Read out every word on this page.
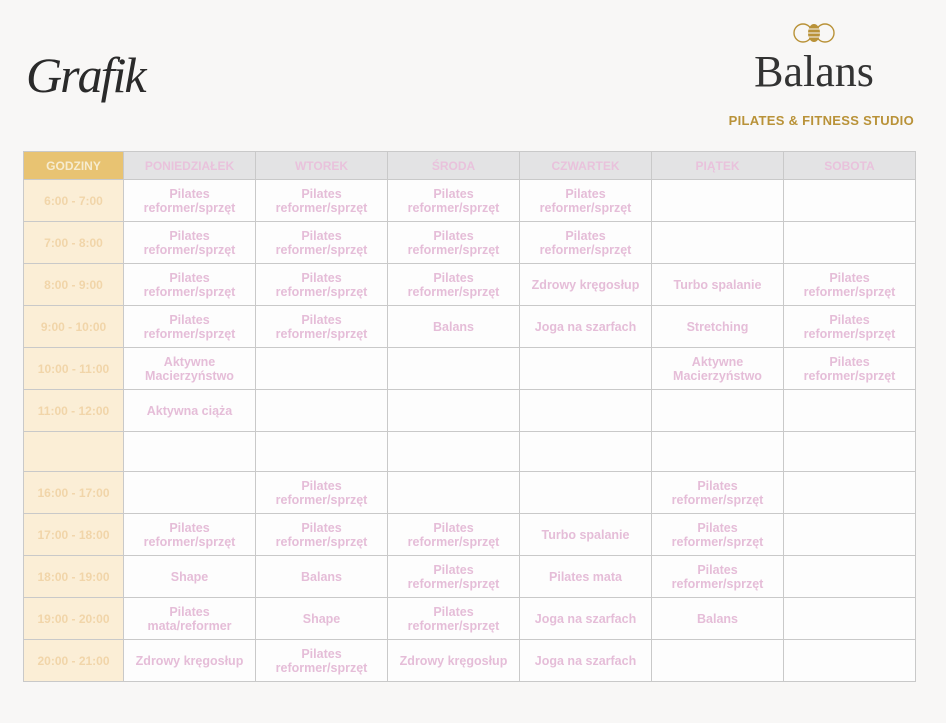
Grafik	Balans
PILATES & FITNESS STUDIO
GODZINY	PONIEDZIAŁEK	WTOREK	ŚRODA	CZWARTEK	PIĄTEK	SOBOTA
6:00 - 7:00	Pilates reformer/sprzęt	Pilates reformer/sprzęt	Pilates reformer/sprzęt	Pilates reformer/sprzęt		
7:00 - 8:00	Pilates reformer/sprzęt	Pilates reformer/sprzęt	Pilates reformer/sprzęt	Pilates reformer/sprzęt		
8:00 - 9:00	Pilates reformer/sprzęt	Pilates reformer/sprzęt	Pilates reformer/sprzęt	Zdrowy kręgosłup	Turbo spalanie	Pilates reformer/sprzęt
9:00 - 10:00	Pilates reformer/sprzęt	Pilates reformer/sprzęt	Balans	Joga na szarfach	Stretching	Pilates reformer/sprzęt
10:00 - 11:00	Aktywne Macierzyństwo				Aktywne Macierzyństwo	Pilates reformer/sprzęt
11:00 - 12:00	Aktywna ciąża					

16:00 - 17:00		Pilates reformer/sprzęt			Pilates reformer/sprzęt	
17:00 - 18:00	Pilates reformer/sprzęt	Pilates reformer/sprzęt	Pilates reformer/sprzęt	Turbo spalanie	Pilates reformer/sprzęt	
18:00 - 19:00	Shape	Balans	Pilates reformer/sprzęt	Pilates mata	Pilates reformer/sprzęt	
19:00 - 20:00	Pilates mata/reformer	Shape	Pilates reformer/sprzęt	Joga na szarfach	Balans	
20:00 - 21:00	Zdrowy kręgosłup	Pilates reformer/sprzęt	Zdrowy kręgosłup	Joga na szarfach		
